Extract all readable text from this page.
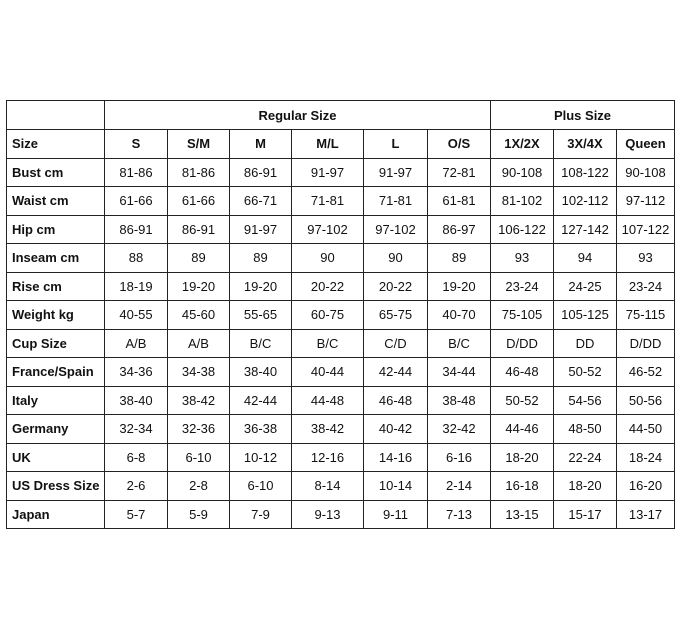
	Regular Size						Plus Size		
Size	S	S/M	M	M/L	L	O/S	1X/2X	3X/4X	Queen
Bust cm	81-86	81-86	86-91	91-97	91-97	72-81	90-108	108-122	90-108
Waist cm	61-66	61-66	66-71	71-81	71-81	61-81	81-102	102-112	97-112
Hip cm	86-91	86-91	91-97	97-102	97-102	86-97	106-122	127-142	107-122
Inseam cm	88	89	89	90	90	89	93	94	93
Rise cm	18-19	19-20	19-20	20-22	20-22	19-20	23-24	24-25	23-24
Weight kg	40-55	45-60	55-65	60-75	65-75	40-70	75-105	105-125	75-115
Cup Size	A/B	A/B	B/C	B/C	C/D	B/C	D/DD	DD	D/DD
France/Spain	34-36	34-38	38-40	40-44	42-44	34-44	46-48	50-52	46-52
Italy	38-40	38-42	42-44	44-48	46-48	38-48	50-52	54-56	50-56
Germany	32-34	32-36	36-38	38-42	40-42	32-42	44-46	48-50	44-50
UK	6-8	6-10	10-12	12-16	14-16	6-16	18-20	22-24	18-24
US Dress Size	2-6	2-8	6-10	8-14	10-14	2-14	16-18	18-20	16-20
Japan	5-7	5-9	7-9	9-13	9-11	7-13	13-15	15-17	13-17
